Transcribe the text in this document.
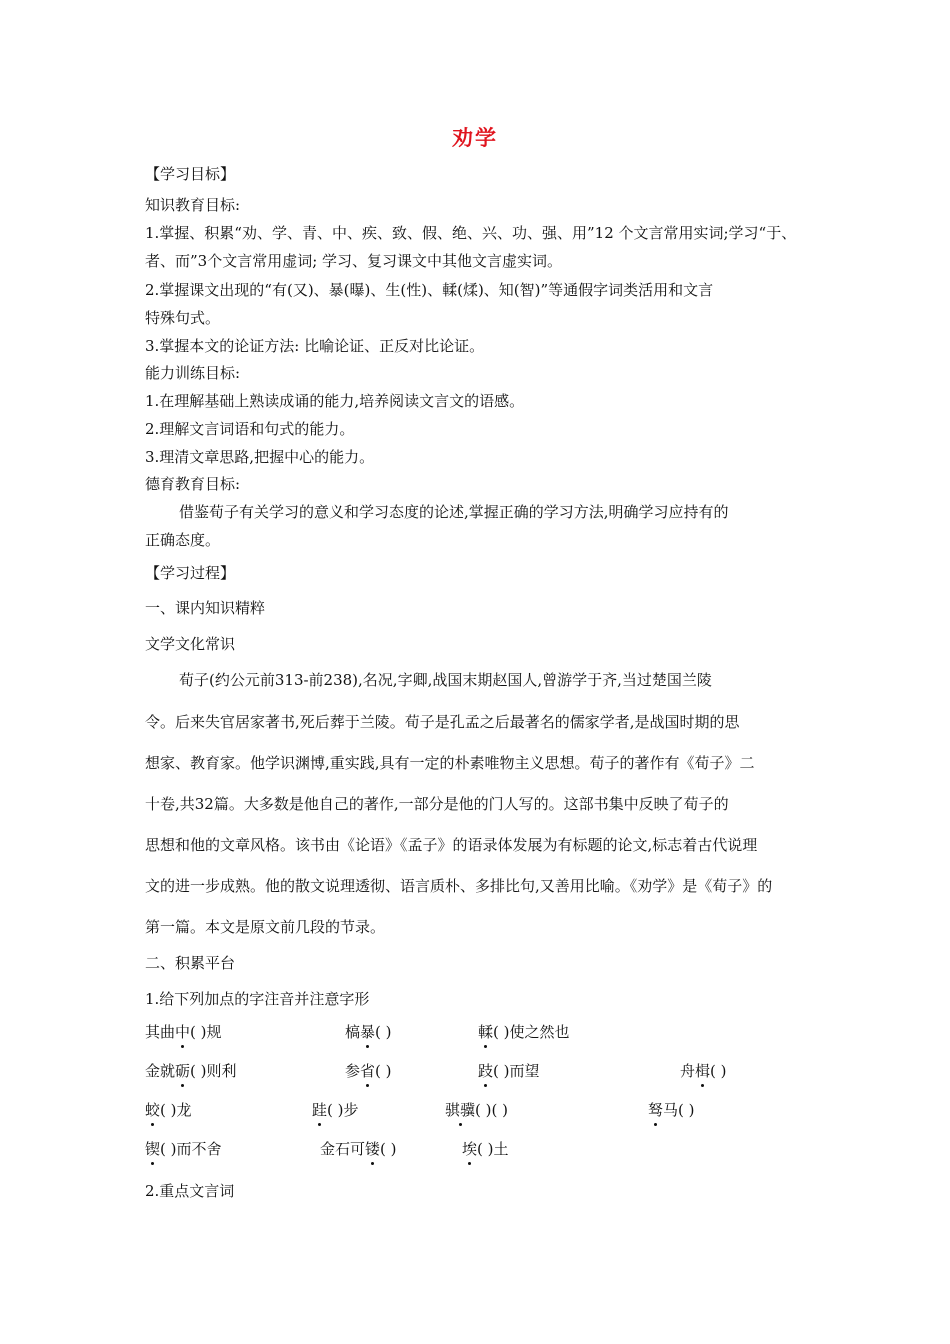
劝学
【学习目标】
知识教育目标:
1.掌握、积累“劝、学、青、中、疾、致、假、绝、兴、功、强、用”12 个文言常用实词;学习“于、
者、而”3个文言常用虚词; 学习、复习课文中其他文言虚实词。
2.掌握课文出现的“有(又)、暴(曝)、生(性)、輮(煣)、知(智)”等通假字词类活用和文言
特殊句式。
3.掌握本文的论证方法: 比喻论证、正反对比论证。
能力训练目标:
1.在理解基础上熟读成诵的能力,培养阅读文言文的语感。
2.理解文言词语和句式的能力。
3.理清文章思路,把握中心的能力。
德育教育目标:
借鉴荀子有关学习的意义和学习态度的论述,掌握正确的学习方法,明确学习应持有的
正确态度。
【学习过程】
一、课内知识精粹
文学文化常识
荀子(约公元前313-前238),名况,字卿,战国末期赵国人,曾游学于齐,当过楚国兰陵
令。后来失官居家著书,死后葬于兰陵。荀子是孔孟之后最著名的儒家学者,是战国时期的思
想家、教育家。他学识渊博,重实践,具有一定的朴素唯物主义思想。荀子的著作有《荀子》二
十卷,共32篇。大多数是他自己的著作,一部分是他的门人写的。这部书集中反映了荀子的
思想和他的文章风格。该书由《论语》《孟子》的语录体发展为有标题的论文,标志着古代说理
文的进一步成熟。他的散文说理透彻、语言质朴、多排比句,又善用比喻。《劝学》是《荀子》的
第一篇。本文是原文前几段的节录。
二、积累平台
1.给下列加点的字注音并注意字形
其曲中( )规	槁暴( )	輮( )使之然也
金就砺( )则利	参省( )	跂( )而望	舟楫( )
蛟( )龙	跬( )步	骐骥( )( )	驽马( )
锲( )而不舍	金石可镂( )	埃( )土
2.重点文言词
